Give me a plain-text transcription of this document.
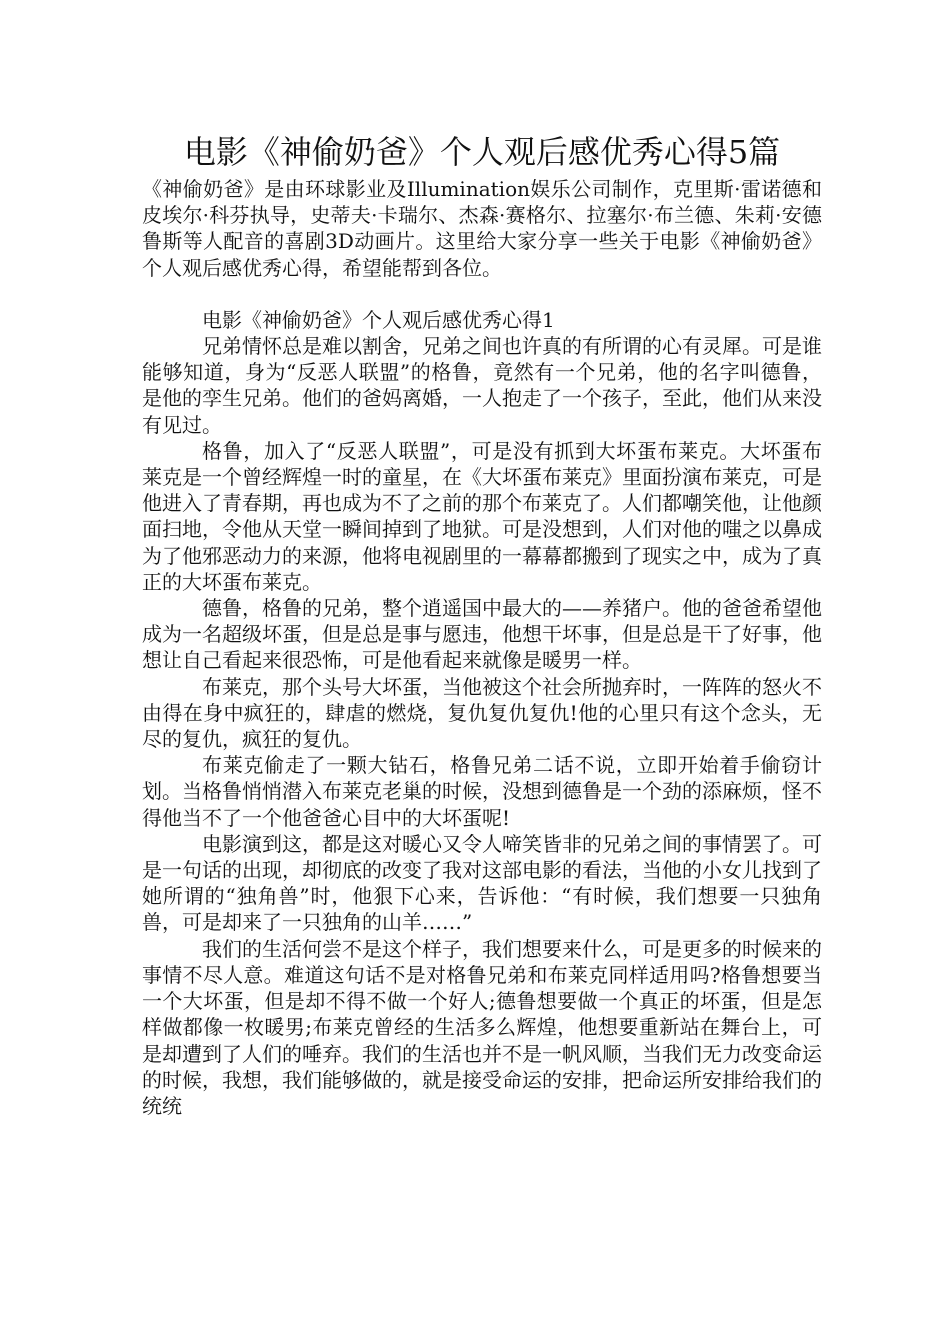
电影《神偷奶爸》个人观后感优秀心得5篇

《神偷奶爸》是由环球影业及Illumination娱乐公司制作，克里斯·雷诺德和皮埃尔·科芬执导，史蒂夫·卡瑞尔、杰森·赛格尔、拉塞尔·布兰德、朱莉·安德鲁斯等人配音的喜剧3D动画片。这里给大家分享一些关于电影《神偷奶爸》个人观后感优秀心得，希望能帮到各位。

电影《神偷奶爸》个人观后感优秀心得1

兄弟情怀总是难以割舍，兄弟之间也许真的有所谓的心有灵犀。可是谁能够知道，身为“反恶人联盟”的格鲁，竟然有一个兄弟，他的名字叫德鲁，是他的孪生兄弟。他们的爸妈离婚，一人抱走了一个孩子，至此，他们从来没有见过。

格鲁，加入了“反恶人联盟”，可是没有抓到大坏蛋布莱克。大坏蛋布莱克是一个曾经辉煌一时的童星，在《大坏蛋布莱克》里面扮演布莱克，可是他进入了青春期，再也成为不了之前的那个布莱克了。人们都嘲笑他，让他颜面扫地，令他从天堂一瞬间掉到了地狱。可是没想到，人们对他的嗤之以鼻成为了他邪恶动力的来源，他将电视剧里的一幕幕都搬到了现实之中，成为了真正的大坏蛋布莱克。

德鲁，格鲁的兄弟，整个逍遥国中最大的——养猪户。他的爸爸希望他成为一名超级坏蛋，但是总是事与愿违，他想干坏事，但是总是干了好事，他想让自己看起来很恐怖，可是他看起来就像是暖男一样。

布莱克，那个头号大坏蛋，当他被这个社会所抛弃时，一阵阵的怒火不由得在身中疯狂的，肆虐的燃烧，复仇复仇复仇!他的心里只有这个念头，无尽的复仇，疯狂的复仇。

布莱克偷走了一颗大钻石，格鲁兄弟二话不说，立即开始着手偷窃计划。当格鲁悄悄潜入布莱克老巢的时候，没想到德鲁是一个劲的添麻烦，怪不得他当不了一个他爸爸心目中的大坏蛋呢!

电影演到这，都是这对暖心又令人啼笑皆非的兄弟之间的事情罢了。可是一句话的出现，却彻底的改变了我对这部电影的看法，当他的小女儿找到了她所谓的“独角兽”时，他狠下心来，告诉他：“有时候，我们想要一只独角兽，可是却来了一只独角的山羊……”

我们的生活何尝不是这个样子，我们想要来什么，可是更多的时候来的事情不尽人意。难道这句话不是对格鲁兄弟和布莱克同样适用吗?格鲁想要当一个大坏蛋，但是却不得不做一个好人;德鲁想要做一个真正的坏蛋，但是怎样做都像一枚暖男;布莱克曾经的生活多么辉煌，他想要重新站在舞台上，可是却遭到了人们的唾弃。我们的生活也并不是一帆风顺，当我们无力改变命运的时候，我想，我们能够做的，就是接受命运的安排，把命运所安排给我们的统统
